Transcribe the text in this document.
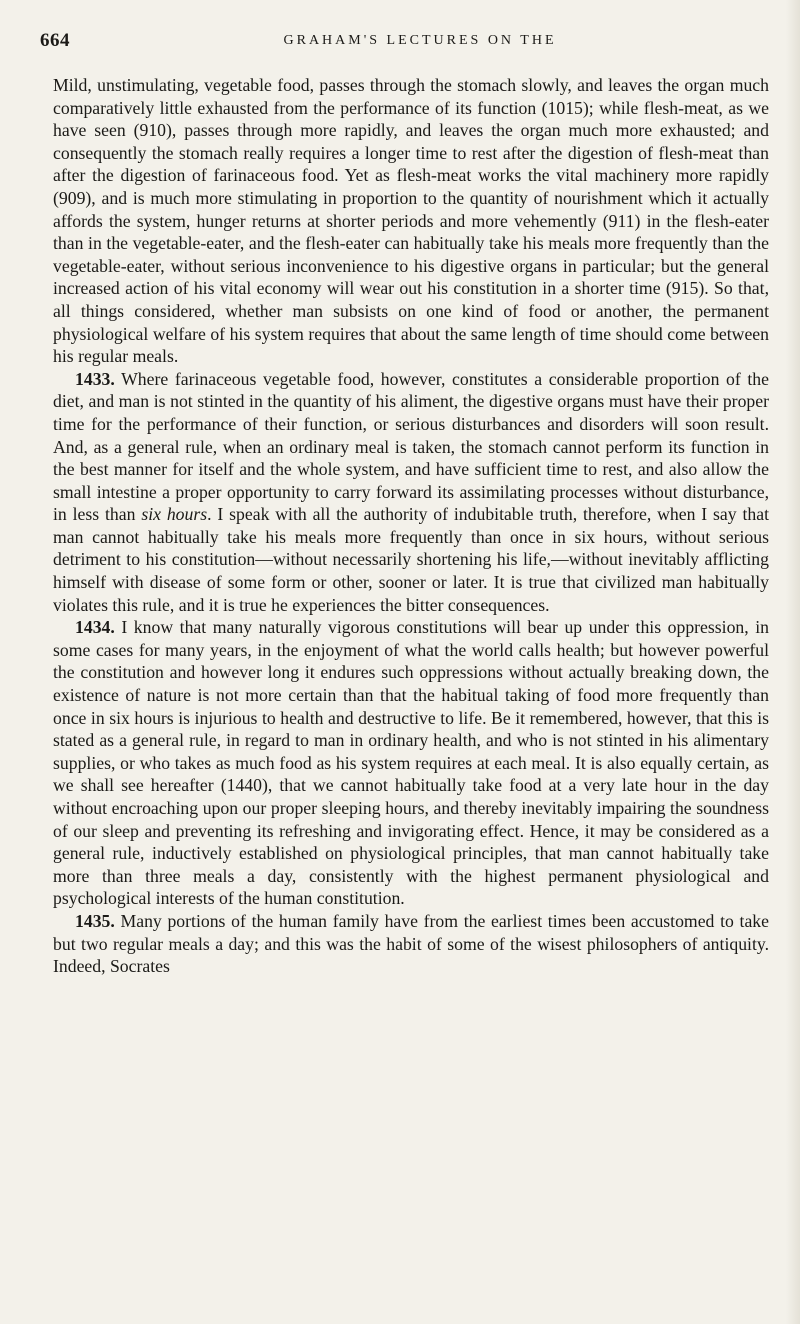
664	GRAHAM'S LECTURES ON THE

Mild, unstimulating, vegetable food, passes through the stomach slowly, and leaves the organ much comparatively little exhausted from the performance of its function (1015); while flesh-meat, as we have seen (910), passes through more rapidly, and leaves the organ much more exhausted; and consequently the stomach really requires a longer time to rest after the digestion of flesh-meat than after the digestion of farinaceous food. Yet as flesh-meat works the vital machinery more rapidly (909), and is much more stimulating in proportion to the quantity of nourishment which it actually affords the system, hunger returns at shorter periods and more vehemently (911) in the flesh-eater than in the vegetable-eater, and the flesh-eater can habitually take his meals more frequently than the vegetable-eater, without serious inconvenience to his digestive organs in particular; but the general increased action of his vital economy will wear out his constitution in a shorter time (915). So that, all things considered, whether man subsists on one kind of food or another, the permanent physiological welfare of his system requires that about the same length of time should come between his regular meals.

1433. Where farinaceous vegetable food, however, constitutes a considerable proportion of the diet, and man is not stinted in the quantity of his aliment, the digestive organs must have their proper time for the performance of their function, or serious disturbances and disorders will soon result. And, as a general rule, when an ordinary meal is taken, the stomach cannot perform its function in the best manner for itself and the whole system, and have sufficient time to rest, and also allow the small intestine a proper opportunity to carry forward its assimilating processes without disturbance, in less than six hours. I speak with all the authority of indubitable truth, therefore, when I say that man cannot habitually take his meals more frequently than once in six hours, without serious detriment to his constitution—without necessarily shortening his life,—without inevitably afflicting himself with disease of some form or other, sooner or later. It is true that civilized man habitually violates this rule, and it is true he experiences the bitter consequences.

1434. I know that many naturally vigorous constitutions will bear up under this oppression, in some cases for many years, in the enjoyment of what the world calls health; but however powerful the constitution and however long it endures such oppressions without actually breaking down, the existence of nature is not more certain than that the habitual taking of food more frequently than once in six hours is injurious to health and destructive to life. Be it remembered, however, that this is stated as a general rule, in regard to man in ordinary health, and who is not stinted in his alimentary supplies, or who takes as much food as his system requires at each meal. It is also equally certain, as we shall see hereafter (1440), that we cannot habitually take food at a very late hour in the day without encroaching upon our proper sleeping hours, and thereby inevitably impairing the soundness of our sleep and preventing its refreshing and invigorating effect. Hence, it may be considered as a general rule, inductively established on physiological principles, that man cannot habitually take more than three meals a day, consistently with the highest permanent physiological and psychological interests of the human constitution.

1435. Many portions of the human family have from the earliest times been accustomed to take but two regular meals a day; and this was the habit of some of the wisest philosophers of antiquity. Indeed, Socrates
